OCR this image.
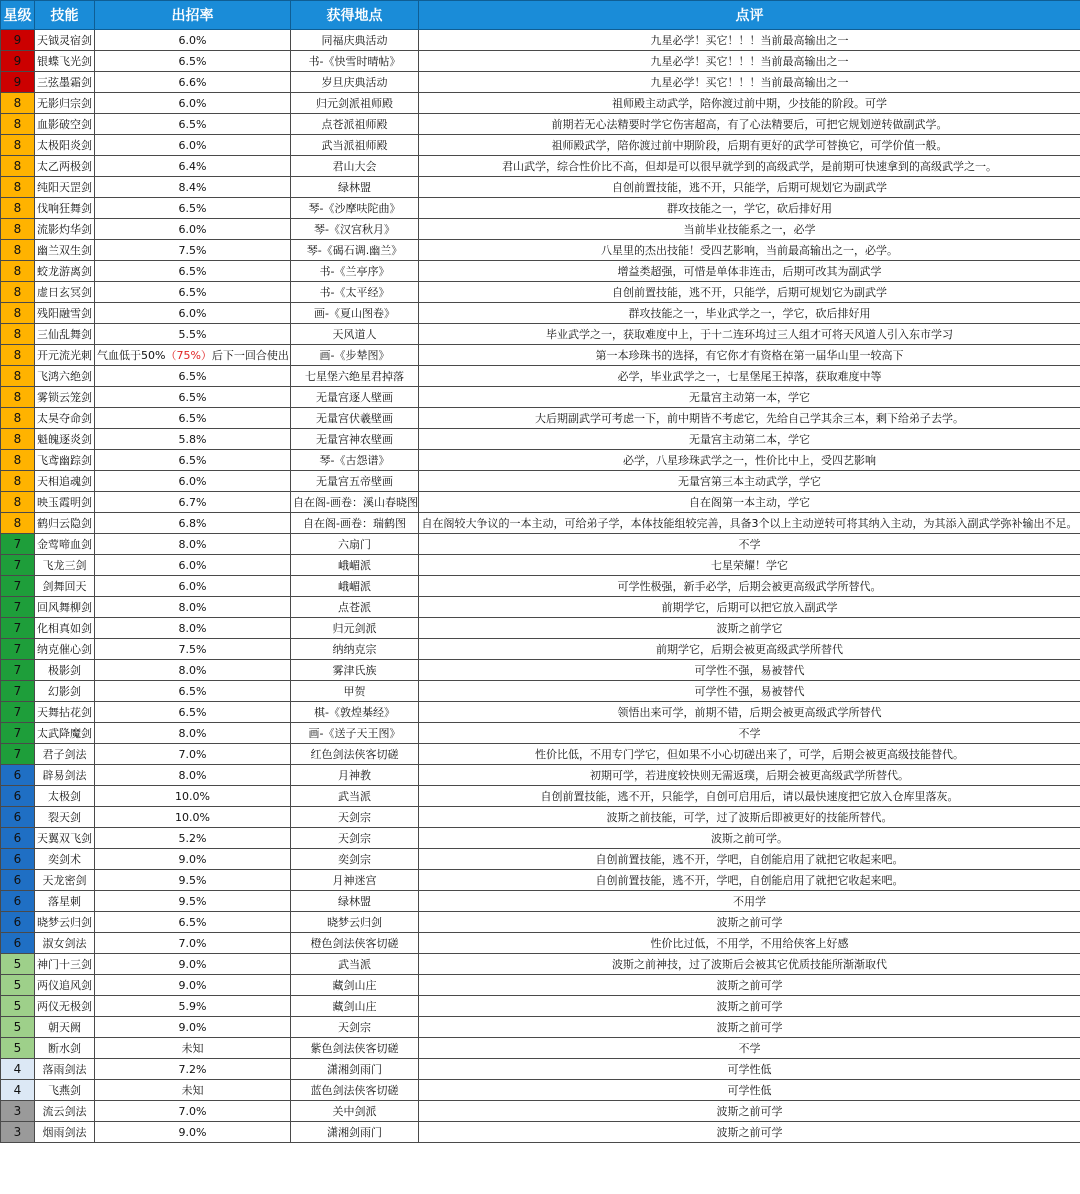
星级	技能	出招率	获得地点	点评
9	天钺灵宿剑	6.0%	同福庆典活动	九星必学！买它！！！当前最高输出之一
9	银蝶飞光剑	6.5%	书-《快雪时晴帖》	九星必学！买它！！！当前最高输出之一
9	三弦墨霜剑	6.6%	岁旦庆典活动	九星必学！买它！！！当前最高输出之一
8	无影归宗剑	6.0%	归元剑派祖师殿	祖师殿主动武学，陪你渡过前中期，少技能的阶段。可学
8	血影破空剑	6.5%	点苍派祖师殿	前期若无心法精要时学它伤害超高，有了心法精要后，可把它规划逆转做副武学。
8	太极阳炎剑	6.0%	武当派祖师殿	祖师殿武学，陪你渡过前中期阶段，后期有更好的武学可替换它，可学价值一般。
8	太乙两极剑	6.4%	君山大会	君山武学，综合性价比不高，但却是可以很早就学到的高级武学，是前期可快速拿到的高级武学之一。
8	纯阳天罡剑	8.4%	绿林盟	自创前置技能，逃不开，只能学，后期可规划它为副武学
8	伐响狂舞剑	6.5%	琴-《沙摩呋陀曲》	群攻技能之一，学它，砍后排好用
8	流影灼华剑	6.0%	琴-《汉宫秋月》	当前毕业技能系之一，必学
8	幽兰双生剑	7.5%	琴-《碣石调.幽兰》	八星里的杰出技能！受四艺影响，当前最高输出之一，必学。
8	蛟龙游离剑	6.5%	书-《兰亭序》	增益类超强，可惜是单体非连击，后期可改其为副武学
8	虚日玄冥剑	6.5%	书-《太平经》	自创前置技能，逃不开，只能学，后期可规划它为副武学
8	残阳融雪剑	6.0%	画-《夏山图卷》	群攻技能之一，毕业武学之一，学它，砍后排好用
8	三仙乱舞剑	5.5%	天风道人	毕业武学之一，获取难度中上，于十二连环坞过三人组才可将天风道人引入东市学习
8	开元流光刺	气血低于50%（75%）后下一回合使出	画-《步辇图》	第一本珍珠书的选择，有它你才有资格在第一届华山里一较高下
8	飞鸿六绝剑	6.5%	七星堡六绝星君掉落	必学，毕业武学之一，七星堡尾王掉落，获取难度中等
8	雾锁云笼剑	6.5%	无量宫逐人壁画	无量宫主动第一本，学它
8	太昊夺命剑	6.5%	无量宫伏羲壁画	大后期副武学可考虑一下，前中期皆不考虑它，先给自己学其余三本，剩下给弟子去学。
8	魁魄逐炎剑	5.8%	无量宫神农壁画	无量宫主动第二本，学它
8	飞鸢幽踪剑	6.5%	琴-《古怨谱》	必学，八星珍珠武学之一，性价比中上，受四艺影响
8	天相追魂剑	6.0%	无量宫五帝壁画	无量宫第三本主动武学，学它
8	映玉霞明剑	6.7%	自在阁-画卷：溪山春晓图	自在阁第一本主动，学它
8	鹤归云隐剑	6.8%	自在阁-画卷：瑞鹤图	自在阁较大争议的一本主动，可给弟子学，本体技能组较完善，具备3个以上主动逆转可将其纳入主动，为其添入副武学弥补输出不足。
7	金莺啼血剑	8.0%	六扇门	不学
7	飞龙三剑	6.0%	峨嵋派	七星荣耀！学它
7	剑舞回天	6.0%	峨嵋派	可学性极强，新手必学，后期会被更高级武学所替代。
7	回风舞柳剑	8.0%	点苍派	前期学它，后期可以把它放入副武学
7	化相真如剑	8.0%	归元剑派	波斯之前学它
7	纳克催心剑	7.5%	纳纳克宗	前期学它，后期会被更高级武学所替代
7	极影剑	8.0%	雾津氏族	可学性不强，易被替代
7	幻影剑	6.5%	甲贺	可学性不强，易被替代
7	天舞拈花剑	6.5%	棋-《敦煌棊经》	领悟出来可学，前期不错，后期会被更高级武学所替代
7	太武降魔剑	8.0%	画-《送子天王图》	不学
7	君子剑法	7.0%	红色剑法侠客切磋	性价比低，不用专门学它，但如果不小心切磋出来了，可学，后期会被更高级技能替代。
6	辟易剑法	8.0%	月神教	初期可学，若进度较快则无需返璞，后期会被更高级武学所替代。
6	太极剑	10.0%	武当派	自创前置技能，逃不开，只能学，自创可启用后，请以最快速度把它放入仓库里落灰。
6	裂天剑	10.0%	天剑宗	波斯之前技能，可学，过了波斯后即被更好的技能所替代。
6	天翼双飞剑	5.2%	天剑宗	波斯之前可学。
6	奕剑术	9.0%	奕剑宗	自创前置技能，逃不开，学吧，自创能启用了就把它收起来吧。
6	天龙密剑	9.5%	月神迷宫	自创前置技能，逃不开，学吧，自创能启用了就把它收起来吧。
6	落星刺	9.5%	绿林盟	不用学
6	晓梦云归剑	6.5%	晓梦云归剑	波斯之前可学
6	淑女剑法	7.0%	橙色剑法侠客切磋	性价比过低，不用学，不用给侠客上好感
5	神门十三剑	9.0%	武当派	波斯之前神技，过了波斯后会被其它优质技能所渐渐取代
5	两仪追风剑	9.0%	藏剑山庄	波斯之前可学
5	两仪无极剑	5.9%	藏剑山庄	波斯之前可学
5	朝天阙	9.0%	天剑宗	波斯之前可学
5	断水剑	未知	紫色剑法侠客切磋	不学
4	落雨剑法	7.2%	潇湘剑雨门	可学性低
4	飞燕剑	未知	蓝色剑法侠客切磋	可学性低
3	流云剑法	7.0%	关中剑派	波斯之前可学
3	烟雨剑法	9.0%	潇湘剑雨门	波斯之前可学
